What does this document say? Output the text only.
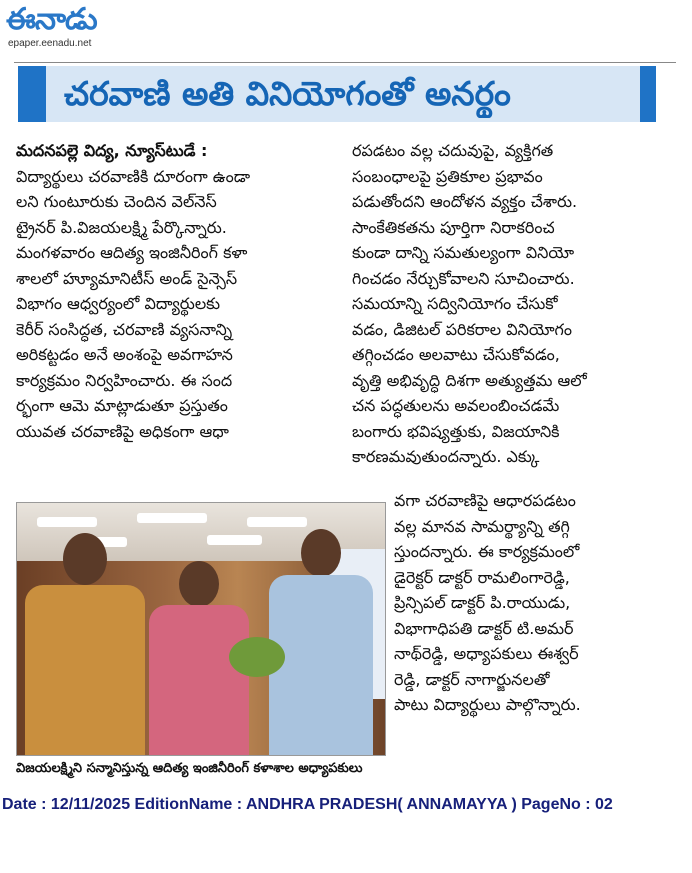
ఈనాడు
epaper.eenadu.net
చరవాణి అతి వినియోగంతో అనర్థం
మదనపల్లె విద్య, న్యూస్‌టుడే :
విద్యార్థులు చరవాణికి దూరంగా ఉండా
లని గుంటూరుకు చెందిన వెల్‌నెస్
ట్రైనర్ పి.విజయలక్ష్మి పేర్కొన్నారు.
మంగళవారం ఆదిత్య ఇంజినీరింగ్ కళా
శాలలో హ్యూమానిటీస్ అండ్ సైన్సెస్
విభాగం ఆధ్వర్యంలో విద్యార్థులకు
కెరీర్ సంసిద్ధత, చరవాణి వ్యసనాన్ని
అరికట్టడం అనే అంశంపై అవగాహన
కార్యక్రమం నిర్వహించారు. ఈ సంద
ర్భంగా ఆమె మాట్లాడుతూ ప్రస్తుతం
యువత చరవాణిపై అధికంగా ఆధా
రపడటం వల్ల చదువుపై, వ్యక్తిగత
సంబంధాలపై ప్రతికూల ప్రభావం
పడుతోందని ఆందోళన వ్యక్తం చేశారు.
సాంకేతికతను పూర్తిగా నిరాకరించ
కుండా దాన్ని సమతుల్యంగా వినియో
గించడం నేర్చుకోవాలని సూచించారు.
సమయాన్ని సద్వినియోగం చేసుకో
వడం, డిజిటల్ పరికరాల వినియోగం
తగ్గించడం అలవాటు చేసుకోవడం,
వృత్తి అభివృద్ధి దిశగా అత్యుత్తమ ఆలో
చన పద్ధతులను అవలంబించడమే
బంగారు భవిష్యత్తుకు, విజయానికి
కారణమవుతుందన్నారు. ఎక్కు
వగా చరవాణిపై ఆధారపడటం
వల్ల మానవ సామర్థ్యాన్ని తగ్గి
స్తుందన్నారు. ఈ కార్యక్రమంలో
డైరెక్టర్ డాక్టర్ రామలింగారెడ్డి,
ప్రిన్సిపల్ డాక్టర్ పి.రాయుడు,
విభాగాధిపతి డాక్టర్ టి.అమర్
నాథ్‌రెడ్డి, అధ్యాపకులు ఈశ్వర్
రెడ్డి, డాక్టర్ నాగార్జునలతో
పాటు విద్యార్థులు పాల్గొన్నారు.
విజయలక్ష్మిని సన్మానిస్తున్న ఆదిత్య ఇంజినీరింగ్ కళాశాల అధ్యాపకులు
Date : 12/11/2025 EditionName : ANDHRA PRADESH( ANNAMAYYA ) PageNo : 02
